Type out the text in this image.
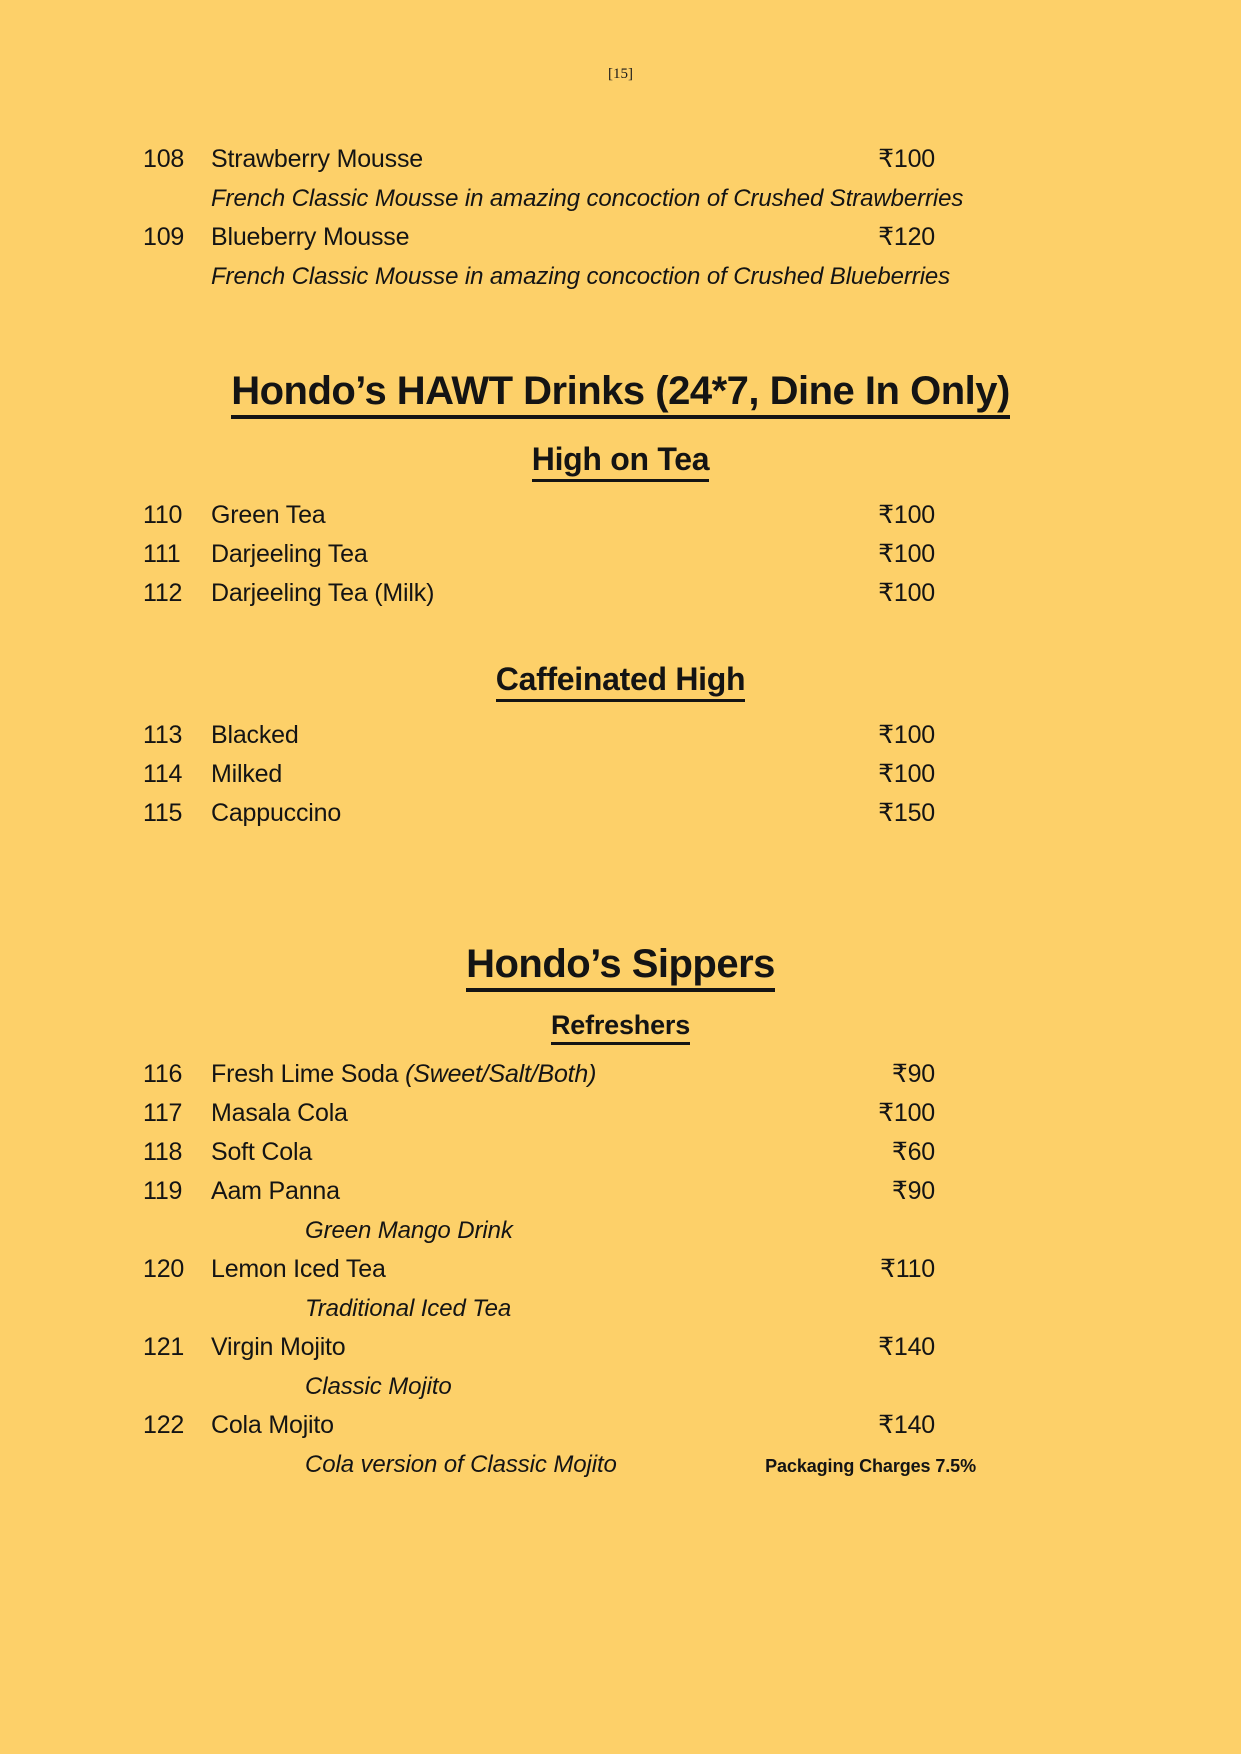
[15]
108	Strawberry Mousse	₹100
French Classic Mousse in amazing concoction of Crushed Strawberries
109	Blueberry Mousse	₹120
French Classic Mousse in amazing concoction of Crushed Blueberries
Hondo’s HAWT Drinks (24*7, Dine In Only)
High on Tea
110	Green Tea	₹100
111	Darjeeling Tea	₹100
112	Darjeeling Tea (Milk)	₹100
Caffeinated High
113	Blacked	₹100
114	Milked	₹100
115	Cappuccino	₹150
Hondo’s Sippers
Refreshers
116	Fresh Lime Soda (Sweet/Salt/Both)	₹90
117	Masala Cola	₹100
118	Soft Cola	₹60
119	Aam Panna	₹90
Green Mango Drink
120	Lemon Iced Tea	₹110
Traditional Iced Tea
121	Virgin Mojito	₹140
Classic Mojito
122	Cola Mojito	₹140
Cola version of Classic Mojito	Packaging Charges 7.5%
